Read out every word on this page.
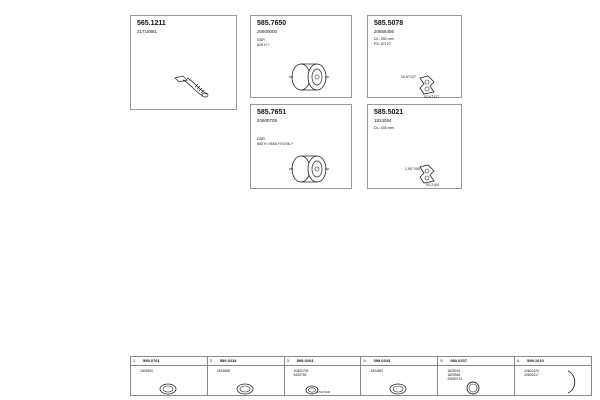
565.1211
21718881
585.7650
20600000
DDR
629 H ?
585.5078
20856456
DL: 250 mm
PS: 67127
10.67127
02-67127
585.7651
20600705
DDR
683 H ?/6X6 H?/2X6 ?
585.5021
1824054
DL: 435 mm
1.05 ?/00
02-2100
1 599.0761
1824900
2 599.0234
1824888
3 599.0264
20600705
8154784
67127108
4 599.0343
1824897
5 080.0237
1829015
1829348
20600723
6 599.1010
20601420
20600417
